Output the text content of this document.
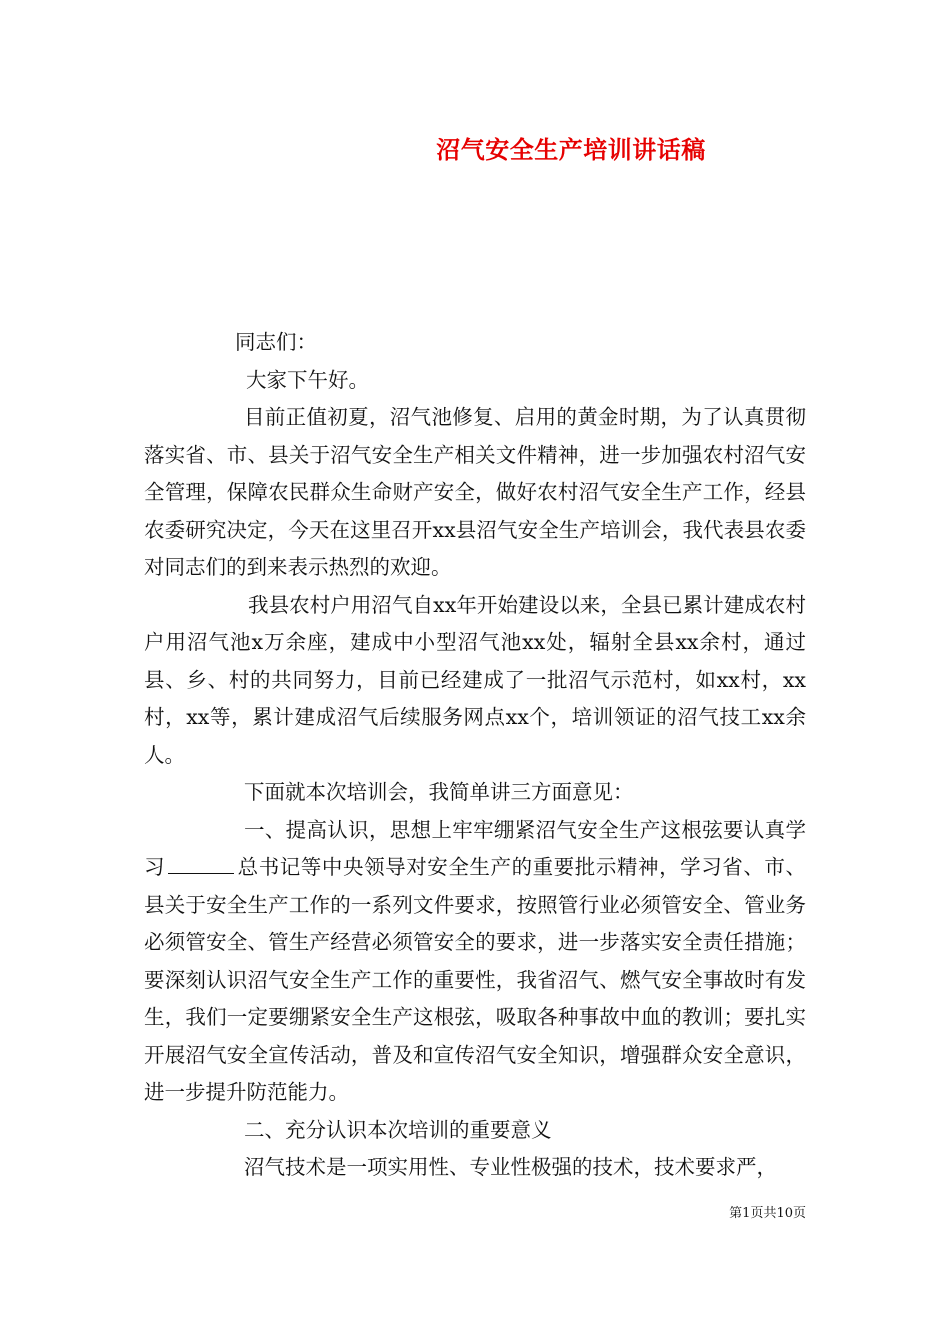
沼气安全生产培训讲话稿

同志们：

大家下午好。

目前正值初夏，沼气池修复、启用的黄金时期，为了认真贯彻落实省、市、县关于沼气安全生产相关文件精神，进一步加强农村沼气安全管理，保障农民群众生命财产安全，做好农村沼气安全生产工作，经县农委研究决定，今天在这里召开xx县沼气安全生产培训会，我代表县农委对同志们的到来表示热烈的欢迎。

我县农村户用沼气自xx年开始建设以来，全县已累计建成农村户用沼气池x万余座，建成中小型沼气池xx处，辐射全县xx余村，通过县、乡、村的共同努力，目前已经建成了一批沼气示范村，如xx村，xx村，xx等，累计建成沼气后续服务网点xx个，培训领证的沼气技工xx余人。

下面就本次培训会，我简单讲三方面意见：

一、提高认识，思想上牢牢绷紧沼气安全生产这根弦要认真学习	总书记等中央领导对安全生产的重要批示精神，学习省、市、县关于安全生产工作的一系列文件要求，按照管行业必须管安全、管业务必须管安全、管生产经营必须管安全的要求，进一步落实安全责任措施；要深刻认识沼气安全生产工作的重要性，我省沼气、燃气安全事故时有发生，我们一定要绷紧安全生产这根弦，吸取各种事故中血的教训；要扎实开展沼气安全宣传活动，普及和宣传沼气安全知识，增强群众安全意识，进一步提升防范能力。

二、充分认识本次培训的重要意义

沼气技术是一项实用性、专业性极强的技术，技术要求严，

第1页共10页
